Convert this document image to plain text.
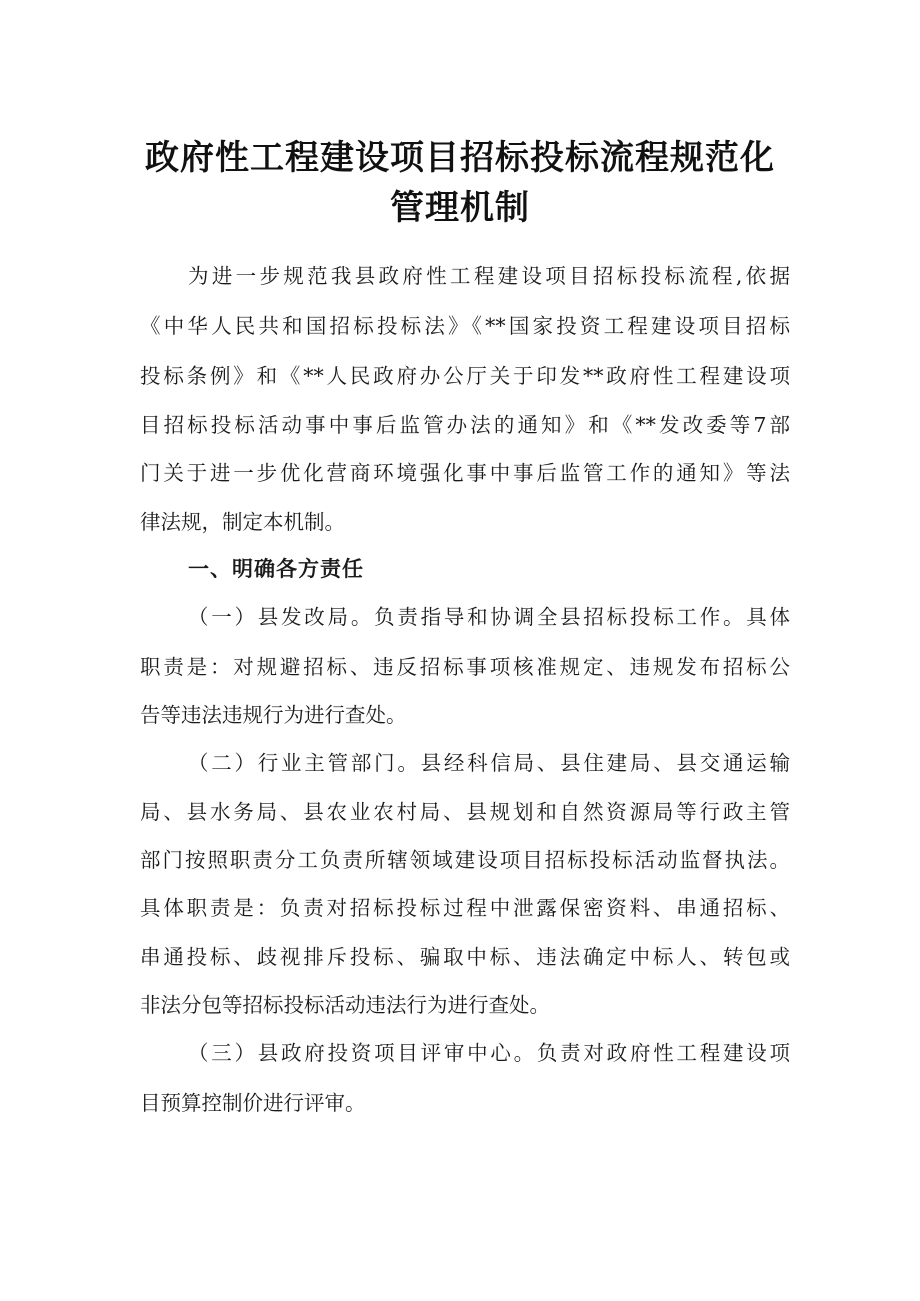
政府性工程建设项目招标投标流程规范化
管理机制
为进一步规范我县政府性工程建设项目招标投标流程,依据
《中华人民共和国招标投标法》《**国家投资工程建设项目招标
投标条例》和《**人民政府办公厅关于印发**政府性工程建设项
目招标投标活动事中事后监管办法的通知》和《**发改委等7部
门关于进一步优化营商环境强化事中事后监管工作的通知》等法
律法规，制定本机制。
一、明确各方责任
（一）县发改局。负责指导和协调全县招标投标工作。具体
职责是：对规避招标、违反招标事项核准规定、违规发布招标公
告等违法违规行为进行查处。
（二）行业主管部门。县经科信局、县住建局、县交通运输
局、县水务局、县农业农村局、县规划和自然资源局等行政主管
部门按照职责分工负责所辖领域建设项目招标投标活动监督执法。
具体职责是：负责对招标投标过程中泄露保密资料、串通招标、
串通投标、歧视排斥投标、骗取中标、违法确定中标人、转包或
非法分包等招标投标活动违法行为进行查处。
（三）县政府投资项目评审中心。负责对政府性工程建设项
目预算控制价进行评审。
